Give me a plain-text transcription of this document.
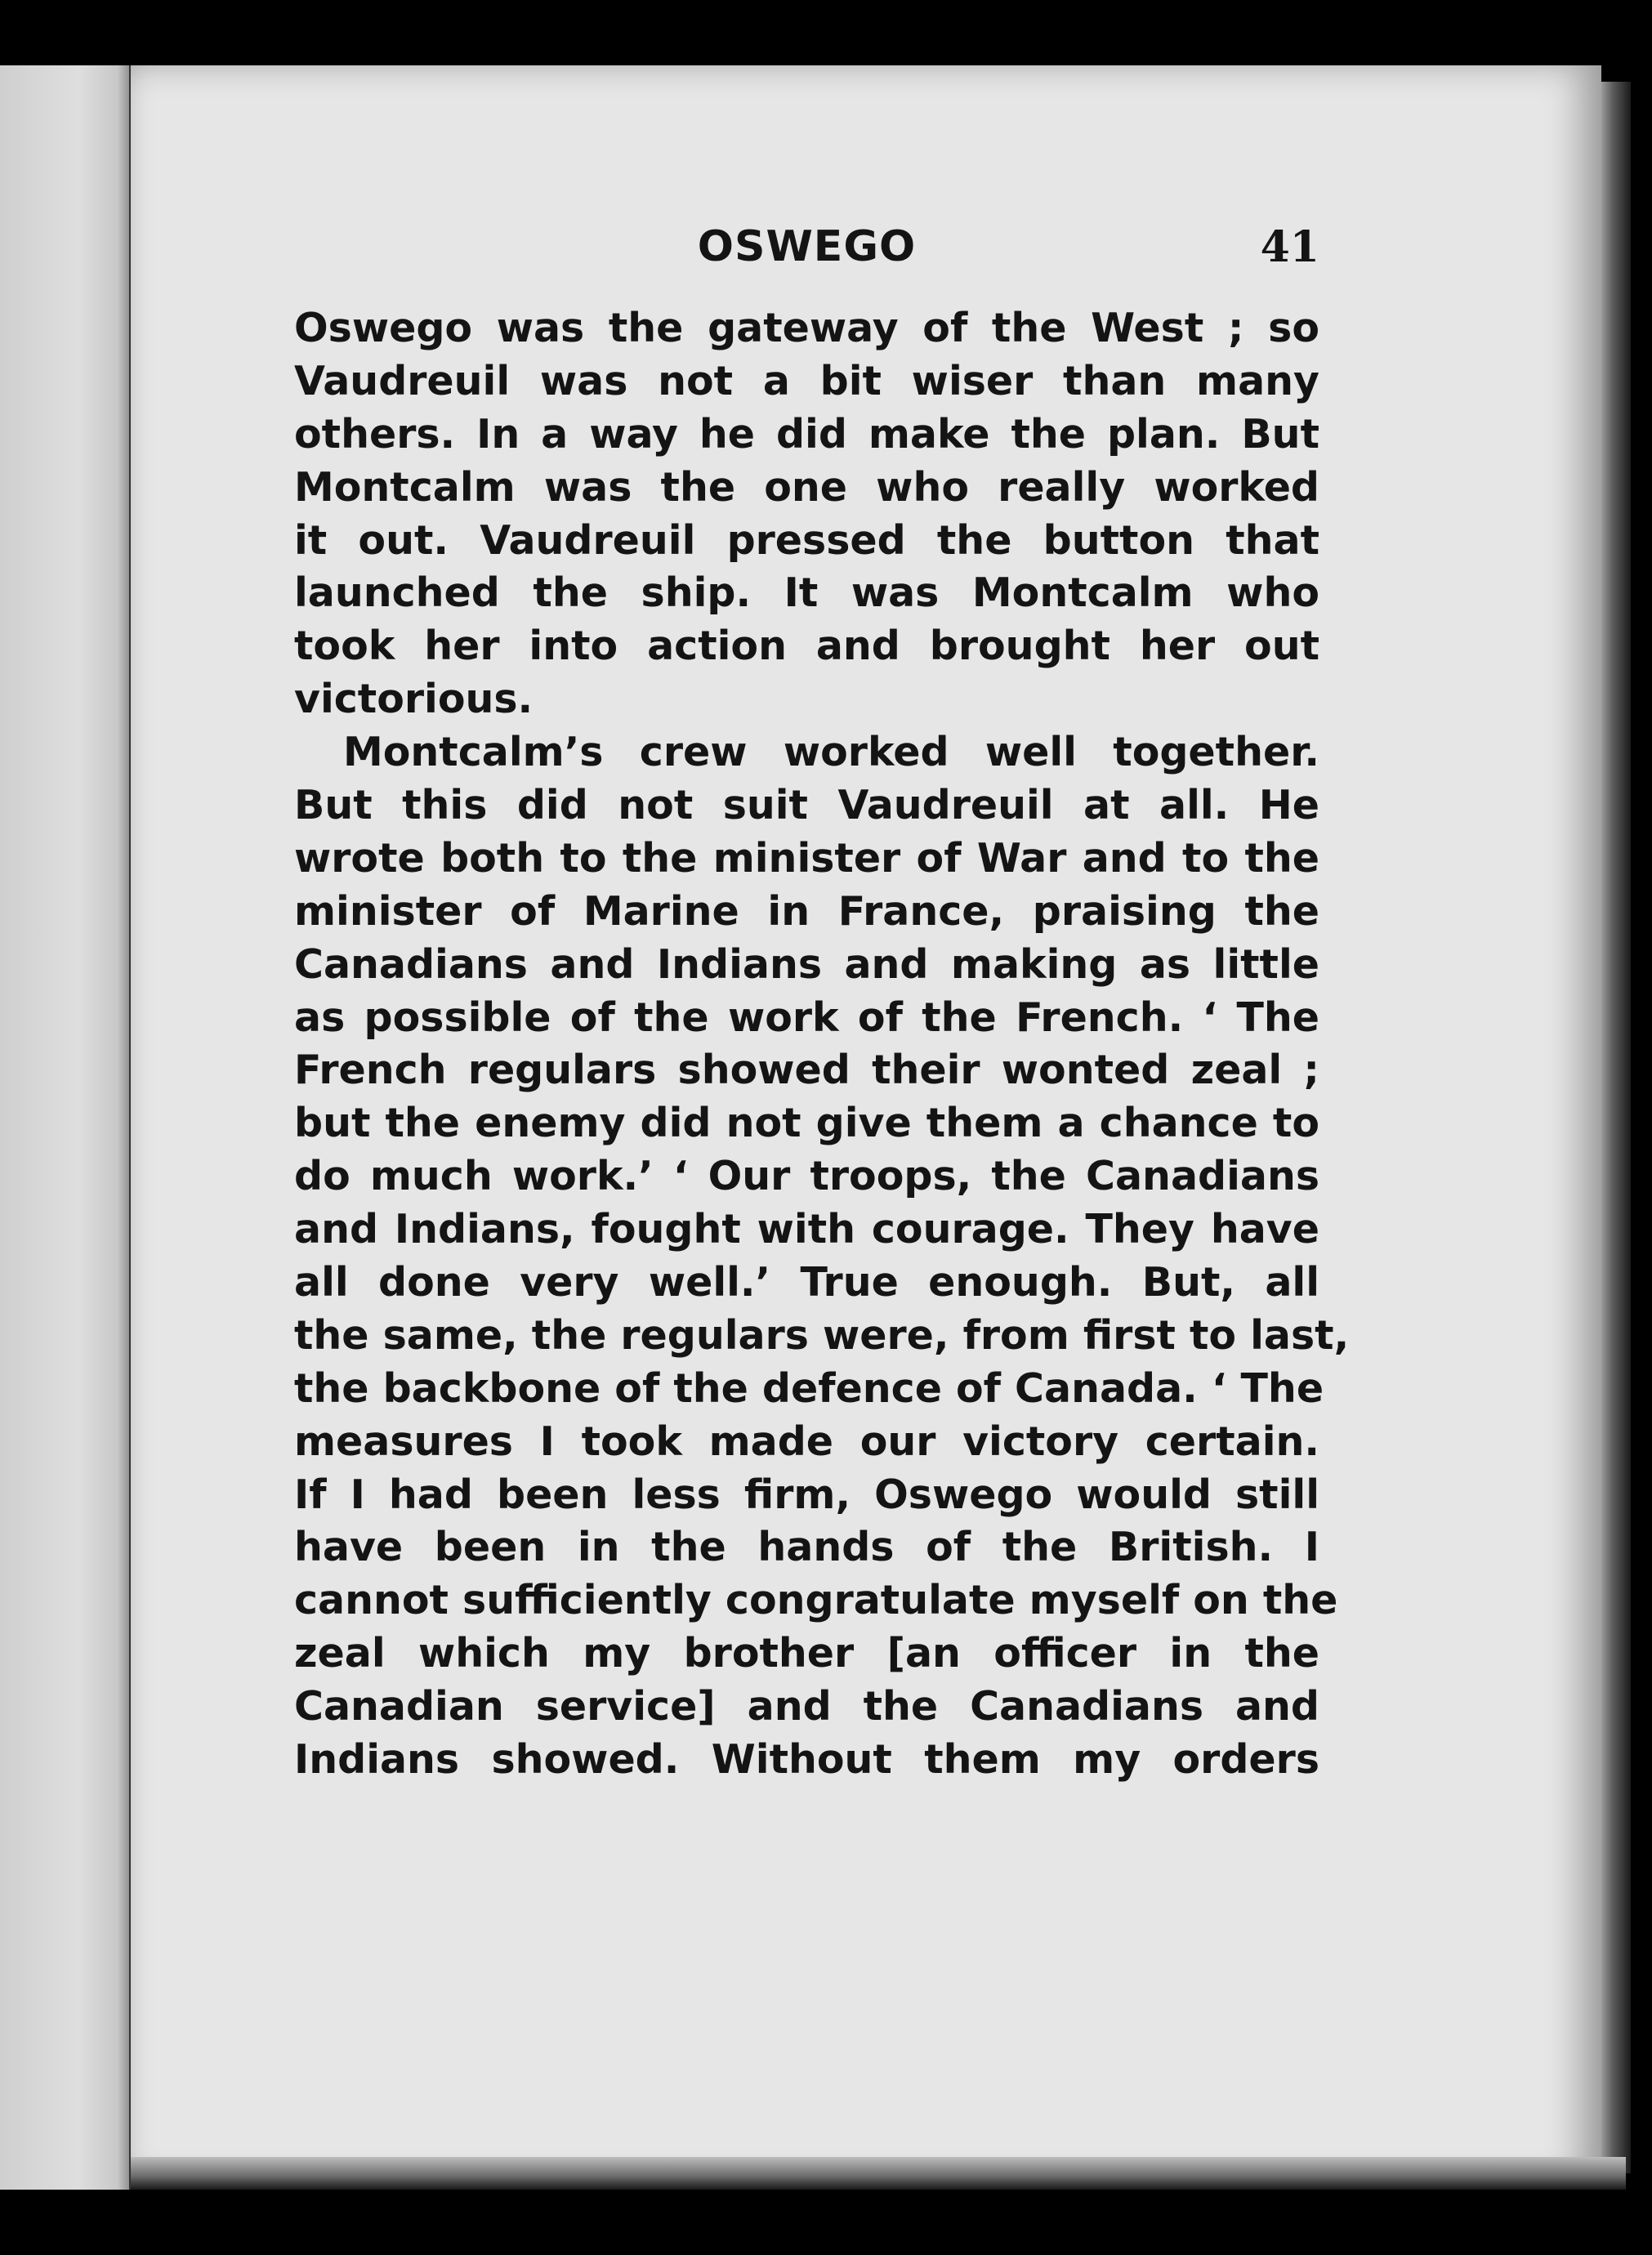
OSWEGO	41
Oswego was the gateway of the West ; so
Vaudreuil was not a bit wiser than many
others. In a way he did make the plan. But
Montcalm was the one who really worked
it out. Vaudreuil pressed the button that
launched the ship. It was Montcalm who
took her into action and brought her out
victorious.
Montcalm’s crew worked well together.
But this did not suit Vaudreuil at all. He
wrote both to the minister of War and to the
minister of Marine in France, praising the
Canadians and Indians and making as little
as possible of the work of the French. ‘ The
French regulars showed their wonted zeal ;
but the enemy did not give them a chance to
do much work.’ ‘ Our troops, the Canadians
and Indians, fought with courage. They have
all done very well.’ True enough. But, all
the same, the regulars were, from first to last,
the backbone of the defence of Canada. ‘ The
measures I took made our victory certain.
If I had been less firm, Oswego would still
have been in the hands of the British. I
cannot sufficiently congratulate myself on the
zeal which my brother [an officer in the
Canadian service] and the Canadians and
Indians showed. Without them my orders
